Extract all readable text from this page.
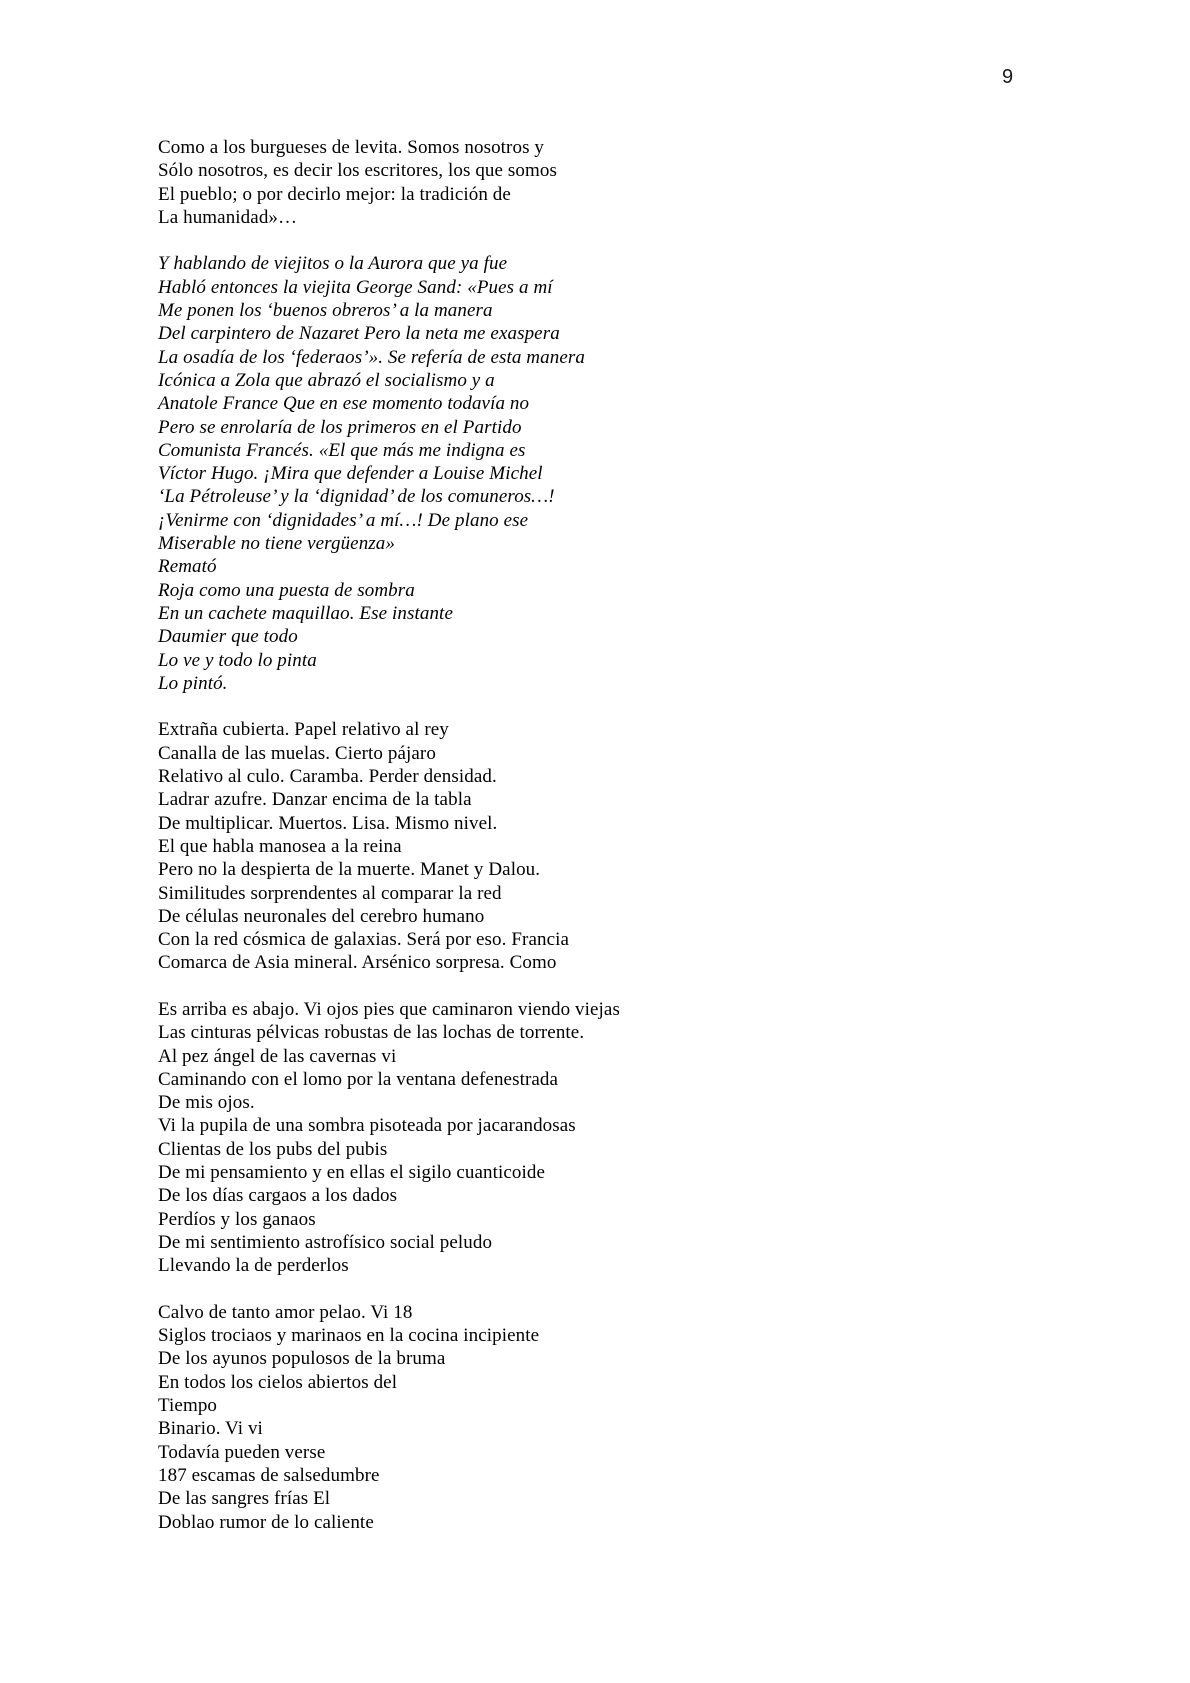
9
Como a los burgueses de levita. Somos nosotros y
Sólo nosotros, es decir los escritores, los que somos
El pueblo; o por decirlo mejor: la tradición de
La humanidad»…
Y hablando de viejitos o la Aurora que ya fue
Habló entonces la viejita George Sand: «Pues a mí
Me ponen los ‘buenos obreros’ a la manera
Del carpintero de Nazaret Pero la neta me exaspera
La osadía de los ‘federaos’». Se refería de esta manera
Icónica a Zola que abrazó el socialismo y a
Anatole France Que en ese momento todavía no
Pero se enrolaría de los primeros en el Partido
Comunista Francés. «El que más me indigna es
Víctor Hugo. ¡Mira que defender a Louise Michel
‘La Pétroleuse’ y la ‘dignidad’ de los comuneros…!
¡Venirme con ‘dignidades’ a mí…! De plano ese
Miserable no tiene vergüenza»
Remató
Roja como una puesta de sombra
En un cachete maquillao. Ese instante
Daumier que todo
Lo ve y todo lo pinta
Lo pintó.
Extraña cubierta. Papel relativo al rey
Canalla de las muelas. Cierto pájaro
Relativo al culo. Caramba. Perder densidad.
Ladrar azufre. Danzar encima de la tabla
De multiplicar. Muertos. Lisa. Mismo nivel.
El que habla manosea a la reina
Pero no la despierta de la muerte. Manet y Dalou.
Similitudes sorprendentes al comparar la red
De células neuronales del cerebro humano
Con la red cósmica de galaxias. Será por eso. Francia
Comarca de Asia mineral. Arsénico sorpresa. Como
Es arriba es abajo. Vi ojos pies que caminaron viendo viejas
Las cinturas pélvicas robustas de las lochas de torrente.
Al pez ángel de las cavernas vi
Caminando con el lomo por la ventana defenestrada
De mis ojos.
Vi la pupila de una sombra pisoteada por jacarandosas
Clientas de los pubs del pubis
De mi pensamiento y en ellas el sigilo cuanticoide
De los días cargaos a los dados
Perdíos y los ganaos
De mi sentimiento astrofísico social peludo
Llevando la de perderlos
Calvo de tanto amor pelao. Vi 18
Siglos trociaos y marinaos en la cocina incipiente
De los ayunos populosos de la bruma
En todos los cielos abiertos del
Tiempo
Binario. Vi vi
Todavía pueden verse
187 escamas de salsedumbre
De las sangres frías El
Doblao rumor de lo caliente
